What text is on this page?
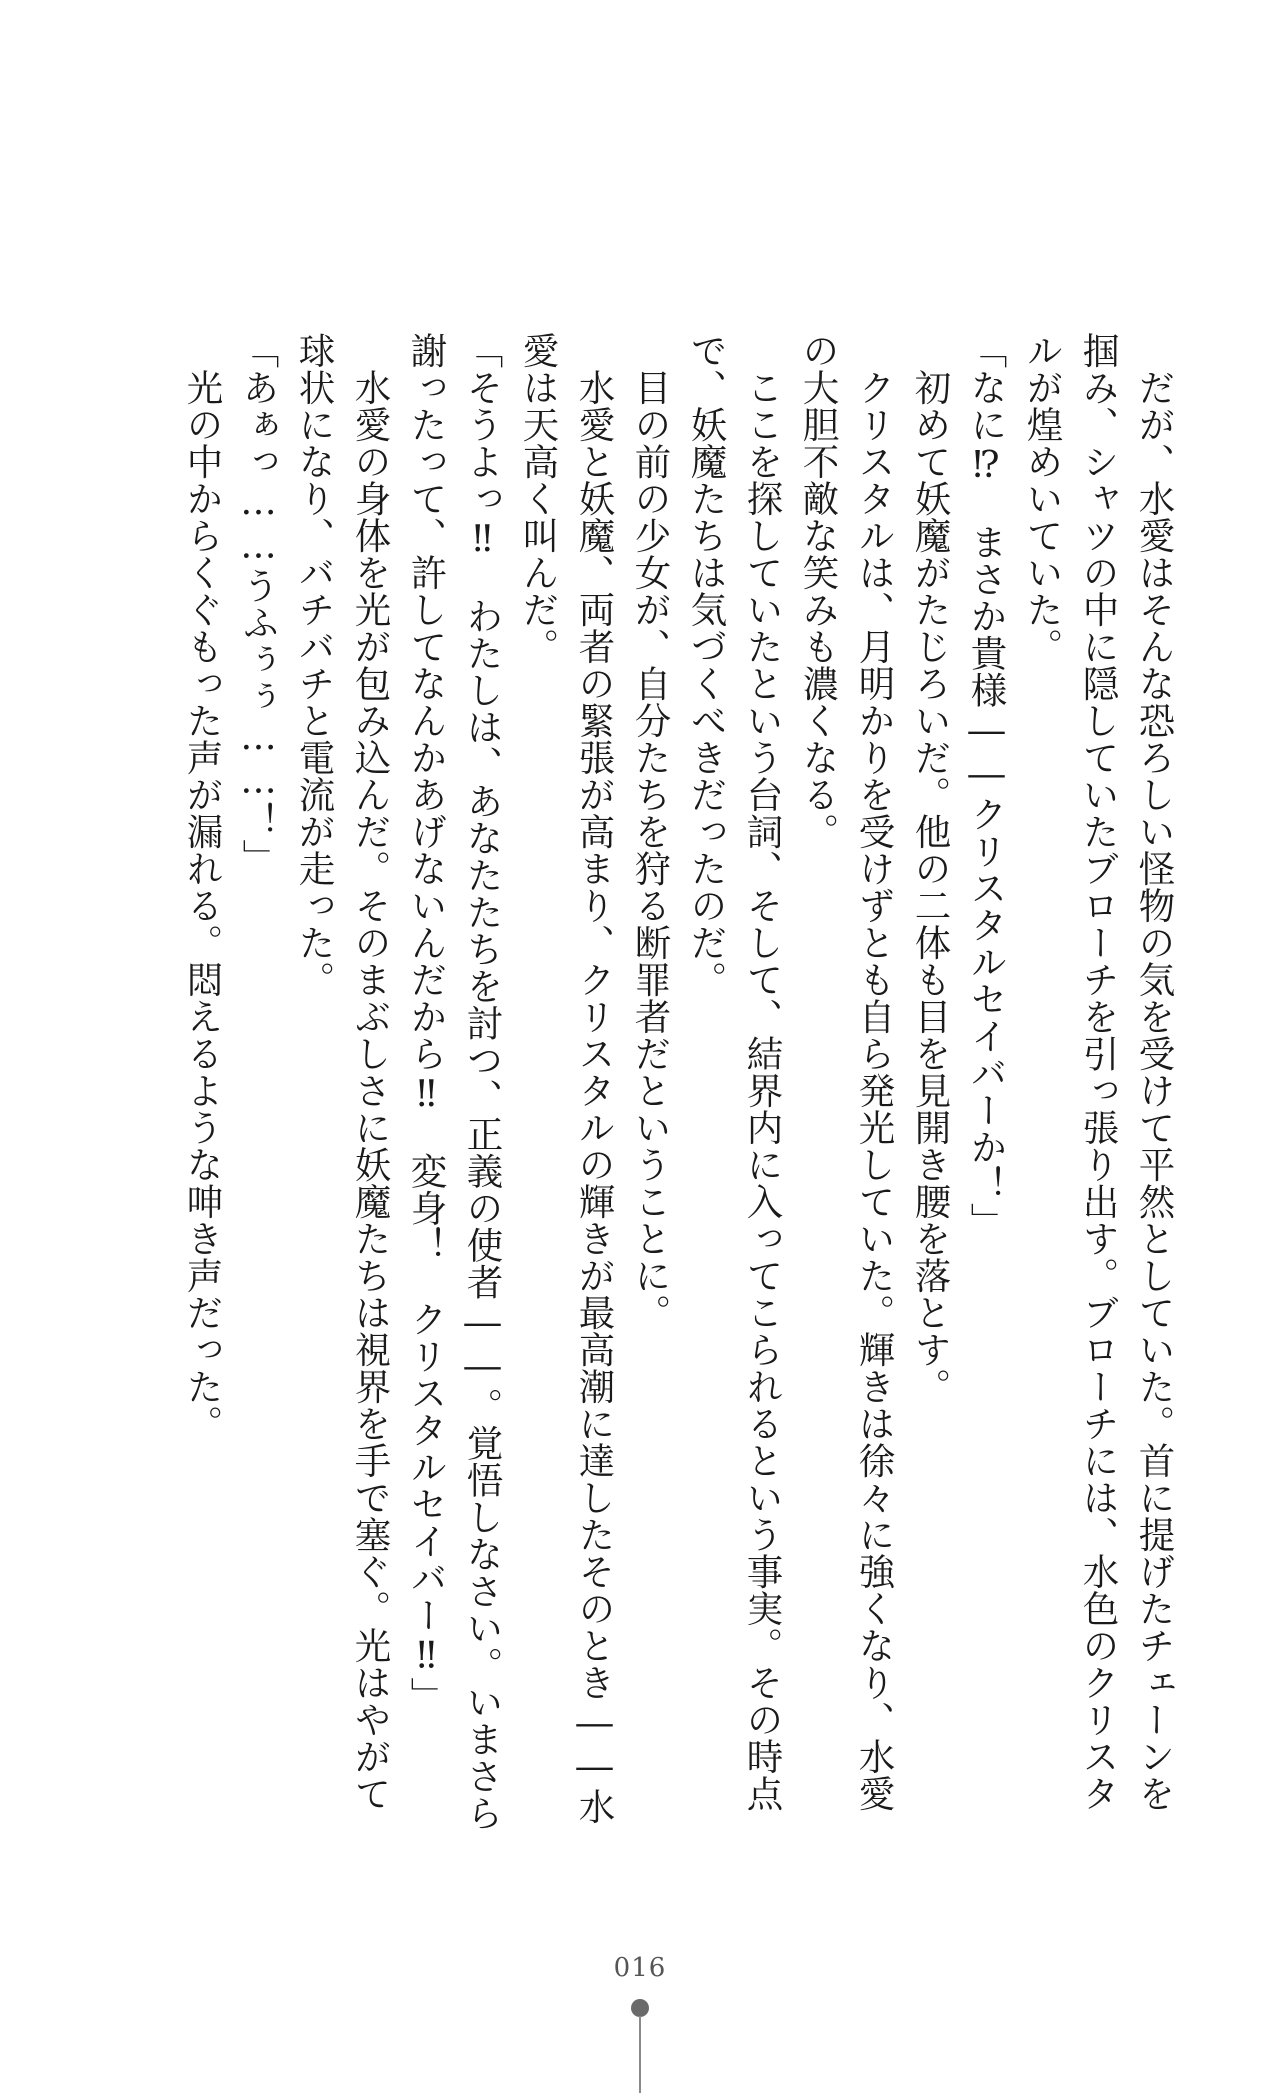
　だが、水愛はそんな恐ろしい怪物の気を受けて平然としていた。首に提げたチェーンを
掴み、シャツの中に隠していたブローチを引っ張り出す。ブローチには、水色のクリスタ
ルが煌めいていた。
「なに⁉　まさか貴様――クリスタルセイバーか！」
　初めて妖魔がたじろいだ。他の二体も目を見開き腰を落とす。
　クリスタルは、月明かりを受けずとも自ら発光していた。輝きは徐々に強くなり、水愛
の大胆不敵な笑みも濃くなる。
　ここを探していたという台詞、そして、結界内に入ってこられるという事実。その時点
で、妖魔たちは気づくべきだったのだ。
　目の前の少女が、自分たちを狩る断罪者だということに。
　水愛と妖魔、両者の緊張が高まり、クリスタルの輝きが最高潮に達したそのとき――水
愛は天高く叫んだ。
「そうよっ‼　わたしは、あなたたちを討つ、正義の使者――。覚悟しなさい。いまさら
謝ったって、許してなんかあげないんだから‼　変身！　クリスタルセイバー‼」
　水愛の身体を光が包み込んだ。そのまぶしさに妖魔たちは視界を手で塞ぐ。光はやがて
球状になり、バチバチと電流が走った。
「あぁっ……うふぅぅ……！」
　光の中からくぐもった声が漏れる。悶えるような呻き声だった。
016
